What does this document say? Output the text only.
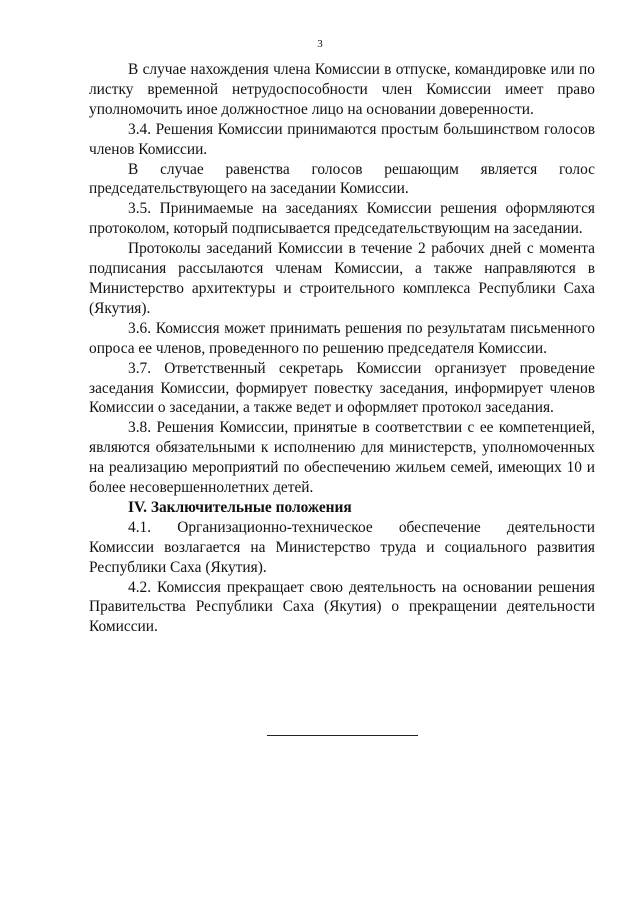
3

В случае нахождения члена Комиссии в отпуске, командировке или по листку временной нетрудоспособности член Комиссии имеет право уполномочить иное должностное лицо на основании доверенности.

3.4. Решения Комиссии принимаются простым большинством голосов членов Комиссии.

В случае равенства голосов решающим является голос председательствующего на заседании Комиссии.

3.5. Принимаемые на заседаниях Комиссии решения оформляются протоколом, который подписывается председательствующим на заседании.

Протоколы заседаний Комиссии в течение 2 рабочих дней с момента подписания рассылаются членам Комиссии, а также направляются в Министерство архитектуры и строительного комплекса Республики Саха (Якутия).

3.6. Комиссия может принимать решения по результатам письменного опроса ее членов, проведенного по решению председателя Комиссии.

3.7. Ответственный секретарь Комиссии организует проведение заседания Комиссии, формирует повестку заседания, информирует членов Комиссии о заседании, а также ведет и оформляет протокол заседания.

3.8. Решения Комиссии, принятые в соответствии с ее компетенцией, являются обязательными к исполнению для министерств, уполномоченных на реализацию мероприятий по обеспечению жильем семей, имеющих 10 и более несовершеннолетних детей.

IV. Заключительные положения

4.1. Организационно-техническое обеспечение деятельности Комиссии возлагается на Министерство труда и социального развития Республики Саха (Якутия).

4.2. Комиссия прекращает свою деятельность на основании решения Правительства Республики Саха (Якутия) о прекращении деятельности Комиссии.
